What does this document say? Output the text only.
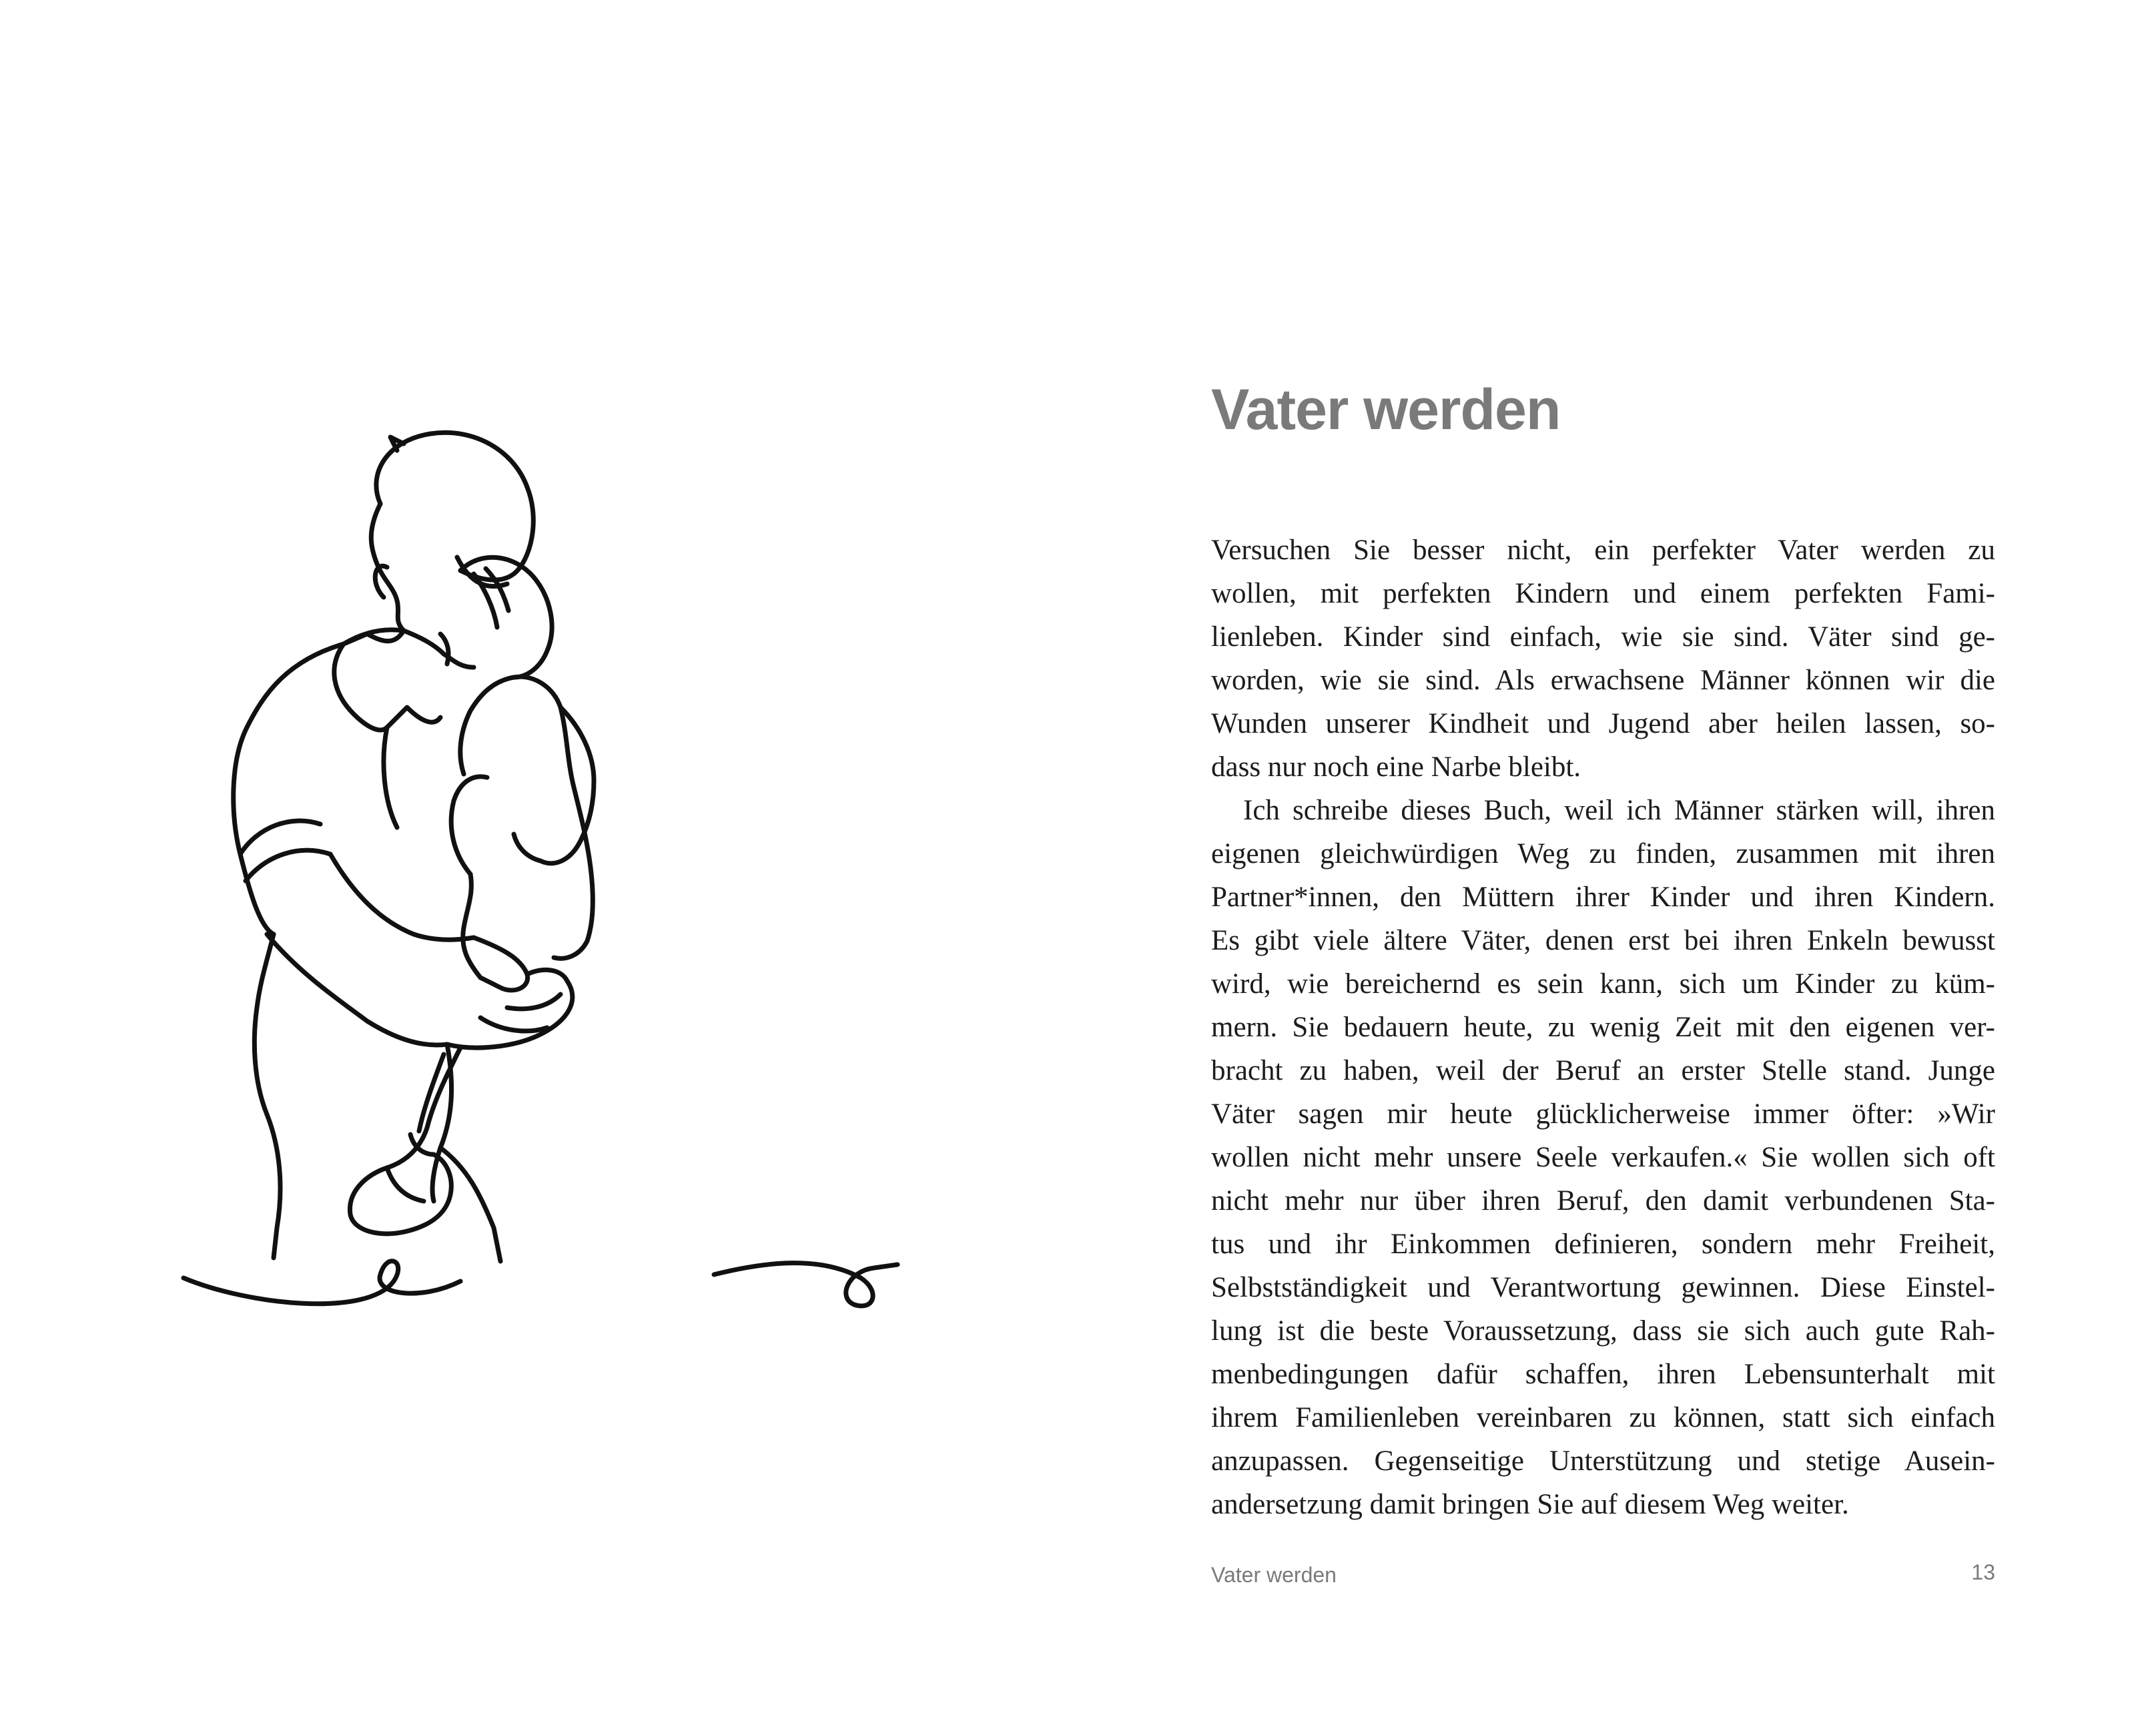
Vater werden
Versuchen Sie besser nicht, ein perfekter Vater werden zu
wollen, mit perfekten Kindern und einem perfekten Fami-
lienleben. Kinder sind einfach, wie sie sind. Väter sind ge-
worden, wie sie sind. Als erwachsene Männer können wir die
Wunden unserer Kindheit und Jugend aber heilen lassen, so-
dass nur noch eine Narbe bleibt.
Ich schreibe dieses Buch, weil ich Männer stärken will, ihren
eigenen gleichwürdigen Weg zu finden, zusammen mit ihren
Partner*innen, den Müttern ihrer Kinder und ihren Kindern.
Es gibt viele ältere Väter, denen erst bei ihren Enkeln bewusst
wird, wie bereichernd es sein kann, sich um Kinder zu küm-
mern. Sie bedauern heute, zu wenig Zeit mit den eigenen ver-
bracht zu haben, weil der Beruf an erster Stelle stand. Junge
Väter sagen mir heute glücklicherweise immer öfter: »Wir
wollen nicht mehr unsere Seele verkaufen.« Sie wollen sich oft
nicht mehr nur über ihren Beruf, den damit verbundenen Sta-
tus und ihr Einkommen definieren, sondern mehr Freiheit,
Selbstständigkeit und Verantwortung gewinnen. Diese Einstel-
lung ist die beste Voraussetzung, dass sie sich auch gute Rah-
menbedingungen dafür schaffen, ihren Lebensunterhalt mit
ihrem Familienleben vereinbaren zu können, statt sich einfach
anzupassen. Gegenseitige Unterstützung und stetige Ausein-
andersetzung damit bringen Sie auf diesem Weg weiter.
Vater werden	13
